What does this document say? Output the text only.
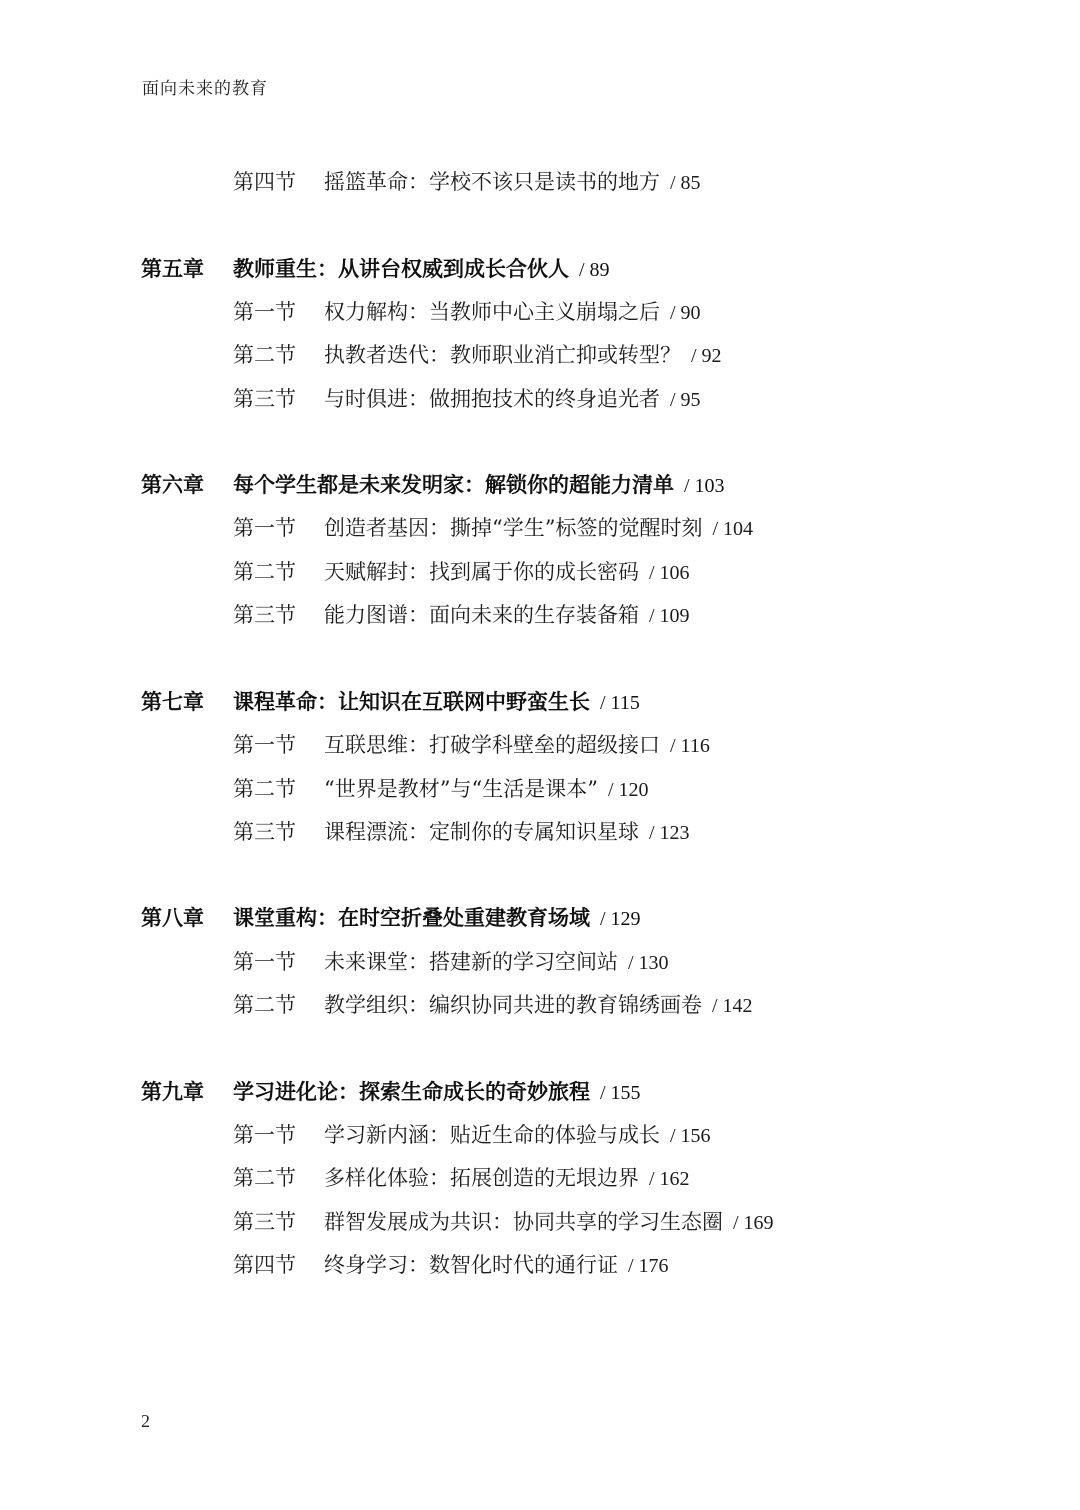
面向未来的教育
第四节 摇篮革命：学校不该只是读书的地方 / 85
第五章 教师重生：从讲台权威到成长合伙人 / 89
第一节 权力解构：当教师中心主义崩塌之后 / 90
第二节 执教者迭代：教师职业消亡抑或转型？ / 92
第三节 与时俱进：做拥抱技术的终身追光者 / 95
第六章 每个学生都是未来发明家：解锁你的超能力清单 / 103
第一节 创造者基因：撕掉“学生”标签的觉醒时刻 / 104
第二节 天赋解封：找到属于你的成长密码 / 106
第三节 能力图谱：面向未来的生存装备箱 / 109
第七章 课程革命：让知识在互联网中野蛮生长 / 115
第一节 互联思维：打破学科壁垒的超级接口 / 116
第二节 “世界是教材”与“生活是课本” / 120
第三节 课程漂流：定制你的专属知识星球 / 123
第八章 课堂重构：在时空折叠处重建教育场域 / 129
第一节 未来课堂：搭建新的学习空间站 / 130
第二节 教学组织：编织协同共进的教育锦绣画卷 / 142
第九章 学习进化论：探索生命成长的奇妙旅程 / 155
第一节 学习新内涵：贴近生命的体验与成长 / 156
第二节 多样化体验：拓展创造的无垠边界 / 162
第三节 群智发展成为共识：协同共享的学习生态圈 / 169
第四节 终身学习：数智化时代的通行证 / 176
2
